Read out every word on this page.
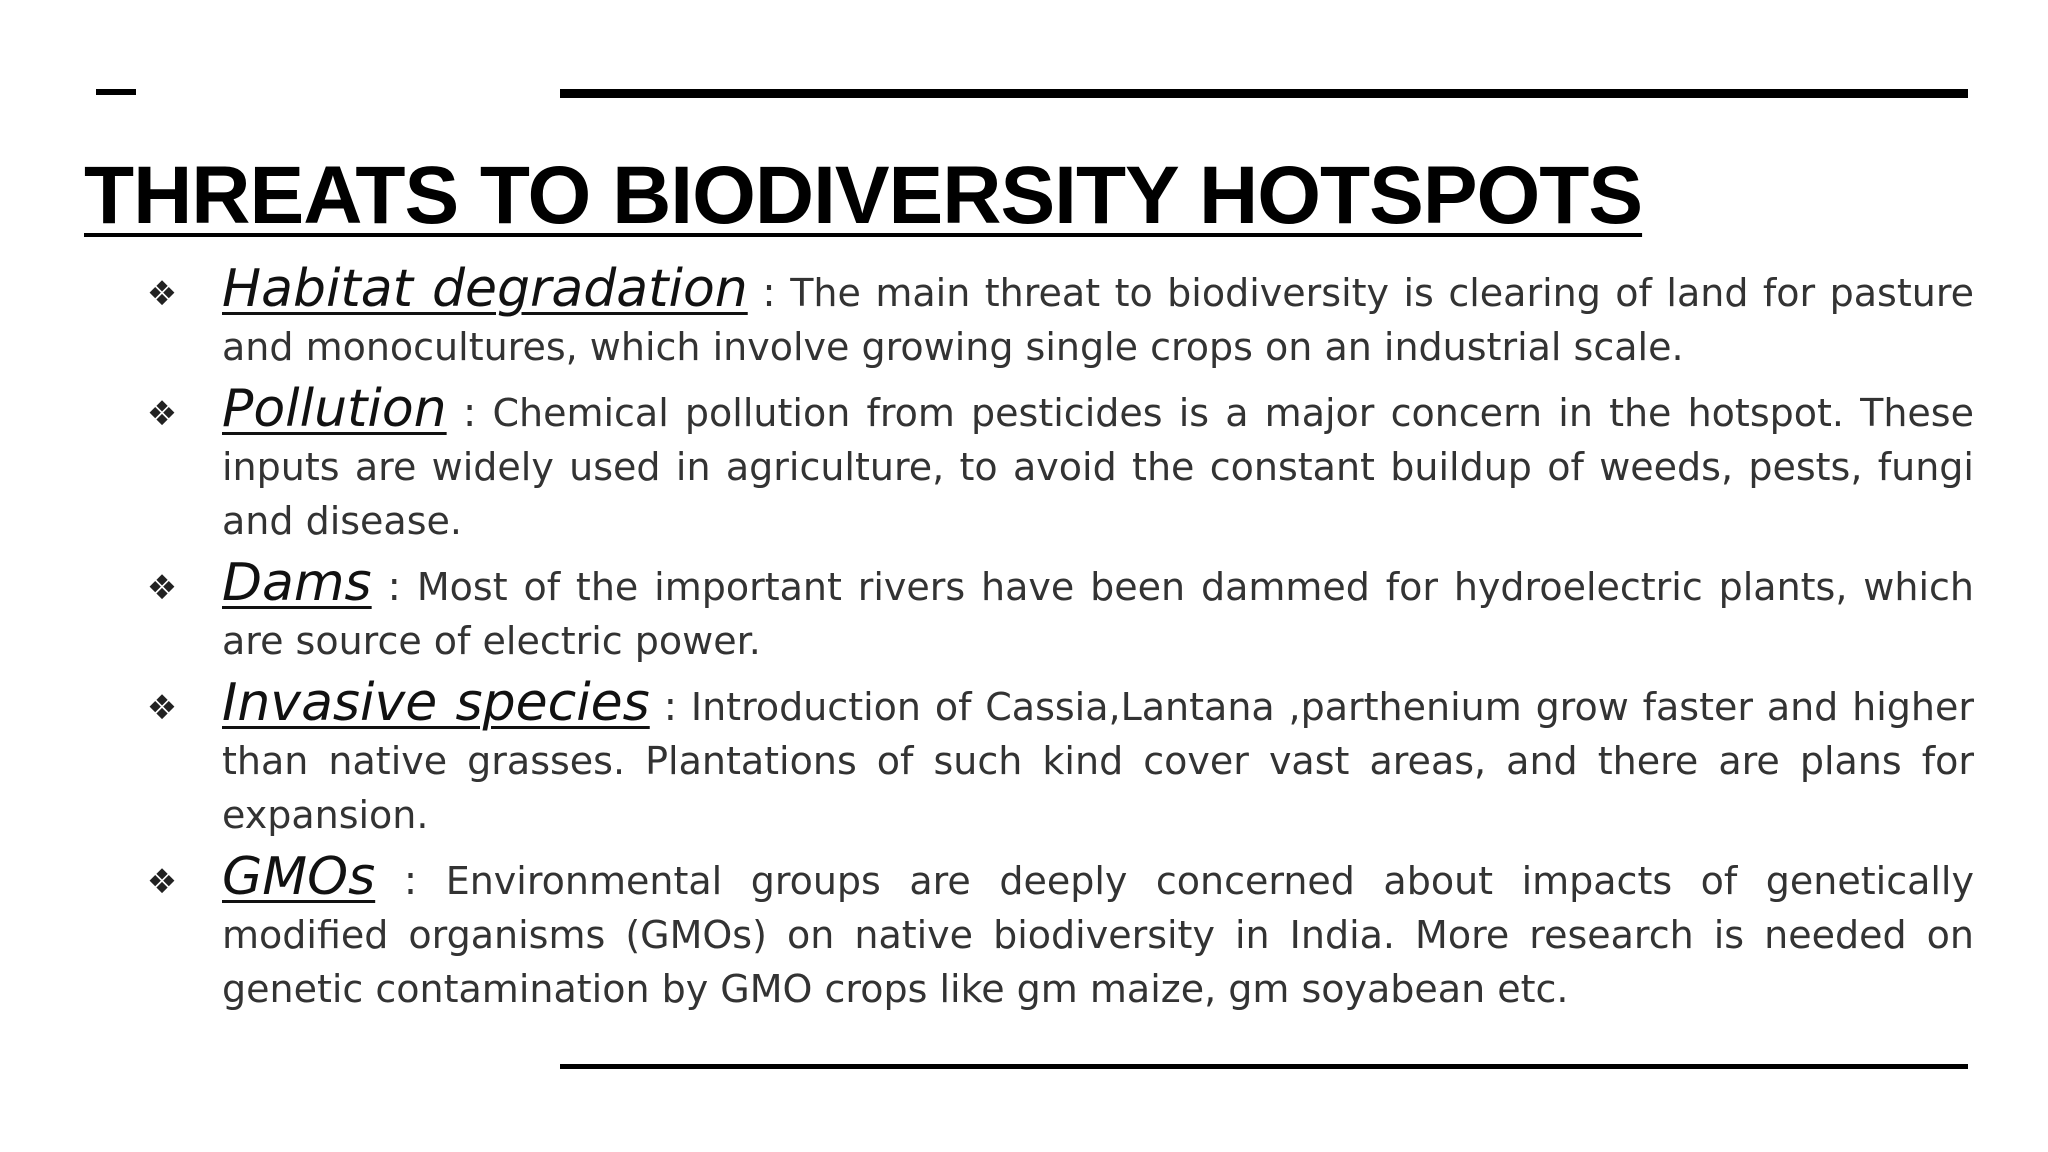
THREATS TO BIODIVERSITY HOTSPOTS
❖ Habitat degradation : The main threat to biodiversity is clearing of land for pasture and monocultures, which involve growing single crops on an industrial scale.
❖ Pollution : Chemical pollution from pesticides is a major concern in the hotspot. These inputs are widely used in agriculture, to avoid the constant buildup of weeds, pests, fungi and disease.
❖ Dams : Most of the important rivers have been dammed for hydroelectric plants, which are source of electric power.
❖ Invasive species : Introduction of Cassia,Lantana ,parthenium grow faster and higher than native grasses. Plantations of such kind cover vast areas, and there are plans for expansion.
❖ GMOs : Environmental groups are deeply concerned about impacts of genetically modified organisms (GMOs) on native biodiversity in India. More research is needed on genetic contamination by GMO crops like gm maize, gm soyabean etc.
